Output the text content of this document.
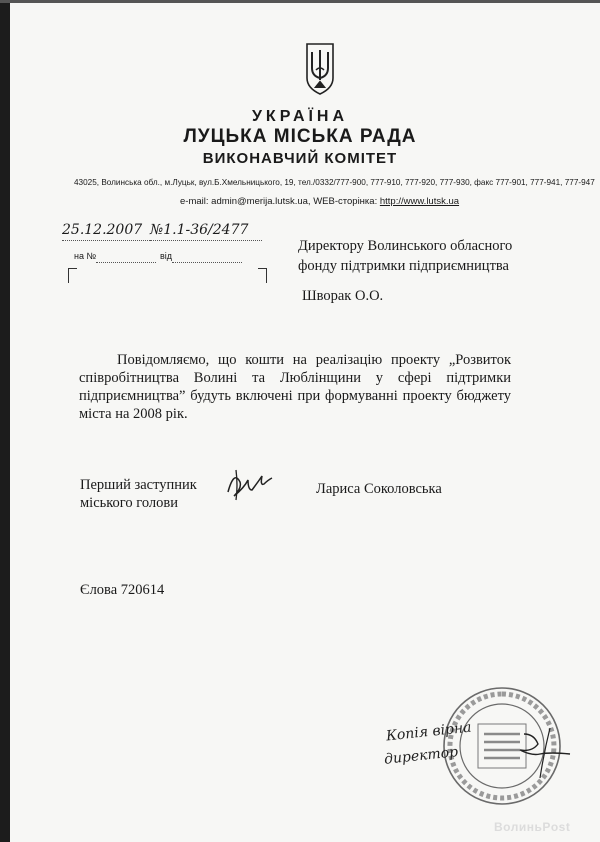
УКРАЇНА
ЛУЦЬКА МІСЬКА РАДА
ВИКОНАВЧИЙ КОМІТЕТ
43025, Волинська обл., м.Луцьк, вул.Б.Хмельницького, 19, тел./0332/777-900, 777-910, 777-920, 777-930, факс 777-901, 777-941, 777-947
e-mail: admin@merija.lutsk.ua, WEB-сторінка: http://www.lutsk.ua
25.12.2007 №1.1-36/2477
на №	від
Директору Волинського обласного
фонду підтримки підприємництва
Шворак О.О.
Повідомляємо, що кошти на реалізацію проекту „Розвиток співробітництва Волині та Люблінщини у сфері підтримки підприємництва” будуть включені при формуванні проекту бюджету міста на 2008 рік.
Перший заступник
міського голови
Лариса Соколовська
Єлова 720614
Копія вірна
директор
ВолиньPost
